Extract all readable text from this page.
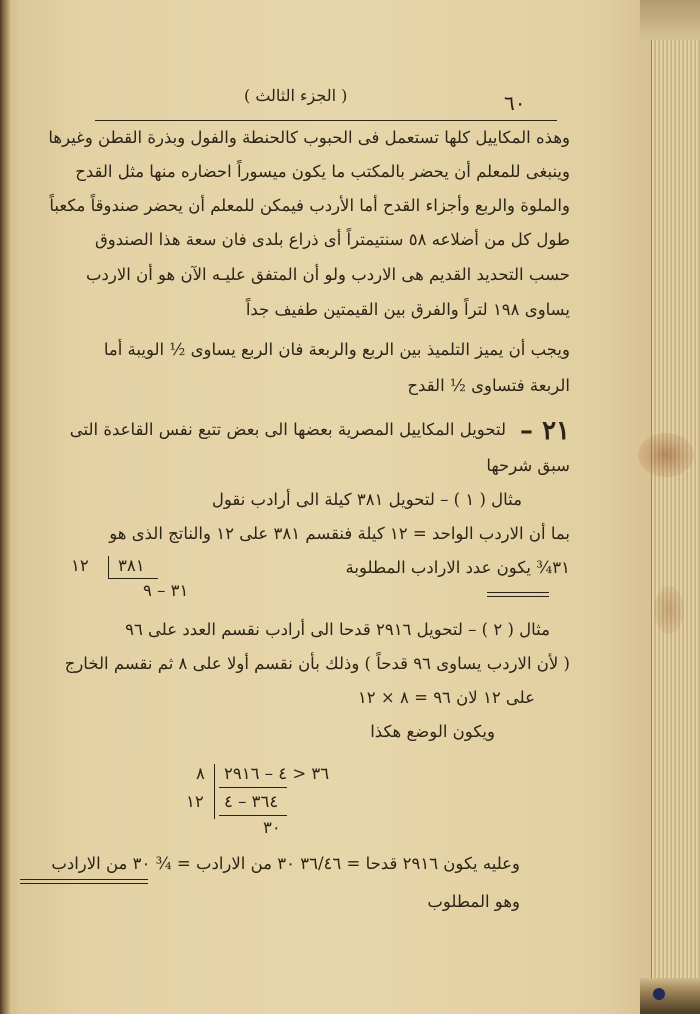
( الجزء الثالث )	٦٠
وهذه المكاييل كلها تستعمل فى الحبوب كالحنطة والفول وبذرة القطن وغيرها
وينبغى للمعلم أن يحضر بالمكتب ما يكون ميسوراً احضاره منها مثل القدح
والملوة والربع وأجزاء القدح أما الأردب فيمكن للمعلم أن يحضر صندوقاً مكعباً
طول كل من أضلاعه ٥٨ سنتيمتراً أى ذراع بلدى فان سعة هذا الصندوق
حسب التحديد القديم هى الاردب ولو أن المتفق عليـه الآن هو أن الاردب
يساوى ١٩٨ لتراً والفرق بين القيمتين طفيف جداً
ويجب أن يميز التلميذ بين الربع والربعة فان الربع يساوى ½ الويبة أما
الربعة فتساوى ½ القدح
٢١ –
لتحويل المكاييل المصرية بعضها الى بعض تتبع نفس القاعدة التى
سبق شرحها
مثال ( ١ ) – لتحويل ٣٨١ كيلة الى أرادب نقول
بما أن الاردب الواحد = ١٢ كيلة فنقسم ٣٨١ على ١٢ والناتج الذى هو
٣١¾ يكون عدد الارادب المطلوبة
٣٨١
١٢
٣١ – ٩
مثال ( ٢ ) – لتحويل ٢٩١٦ قدحا الى أرادب نقسم العدد على ٩٦
( لأن الاردب يساوى ٩٦ قدحاً ) وذلك بأن نقسم أولا على ٨ ثم نقسم الخارج
على ١٢ لان ٩٦ = ٨ × ١٢
ويكون الوضع هكذا
٣٦ < ٤ – ٢٩١٦
٨
٣٦٤ – ٤
١٢
٣٠
وعليه يكون ٢٩١٦ قدحا = ٣٦/٤٦ ٣٠ من الارادب = ¾ ٣٠ من الارادب
وهو المطلوب
